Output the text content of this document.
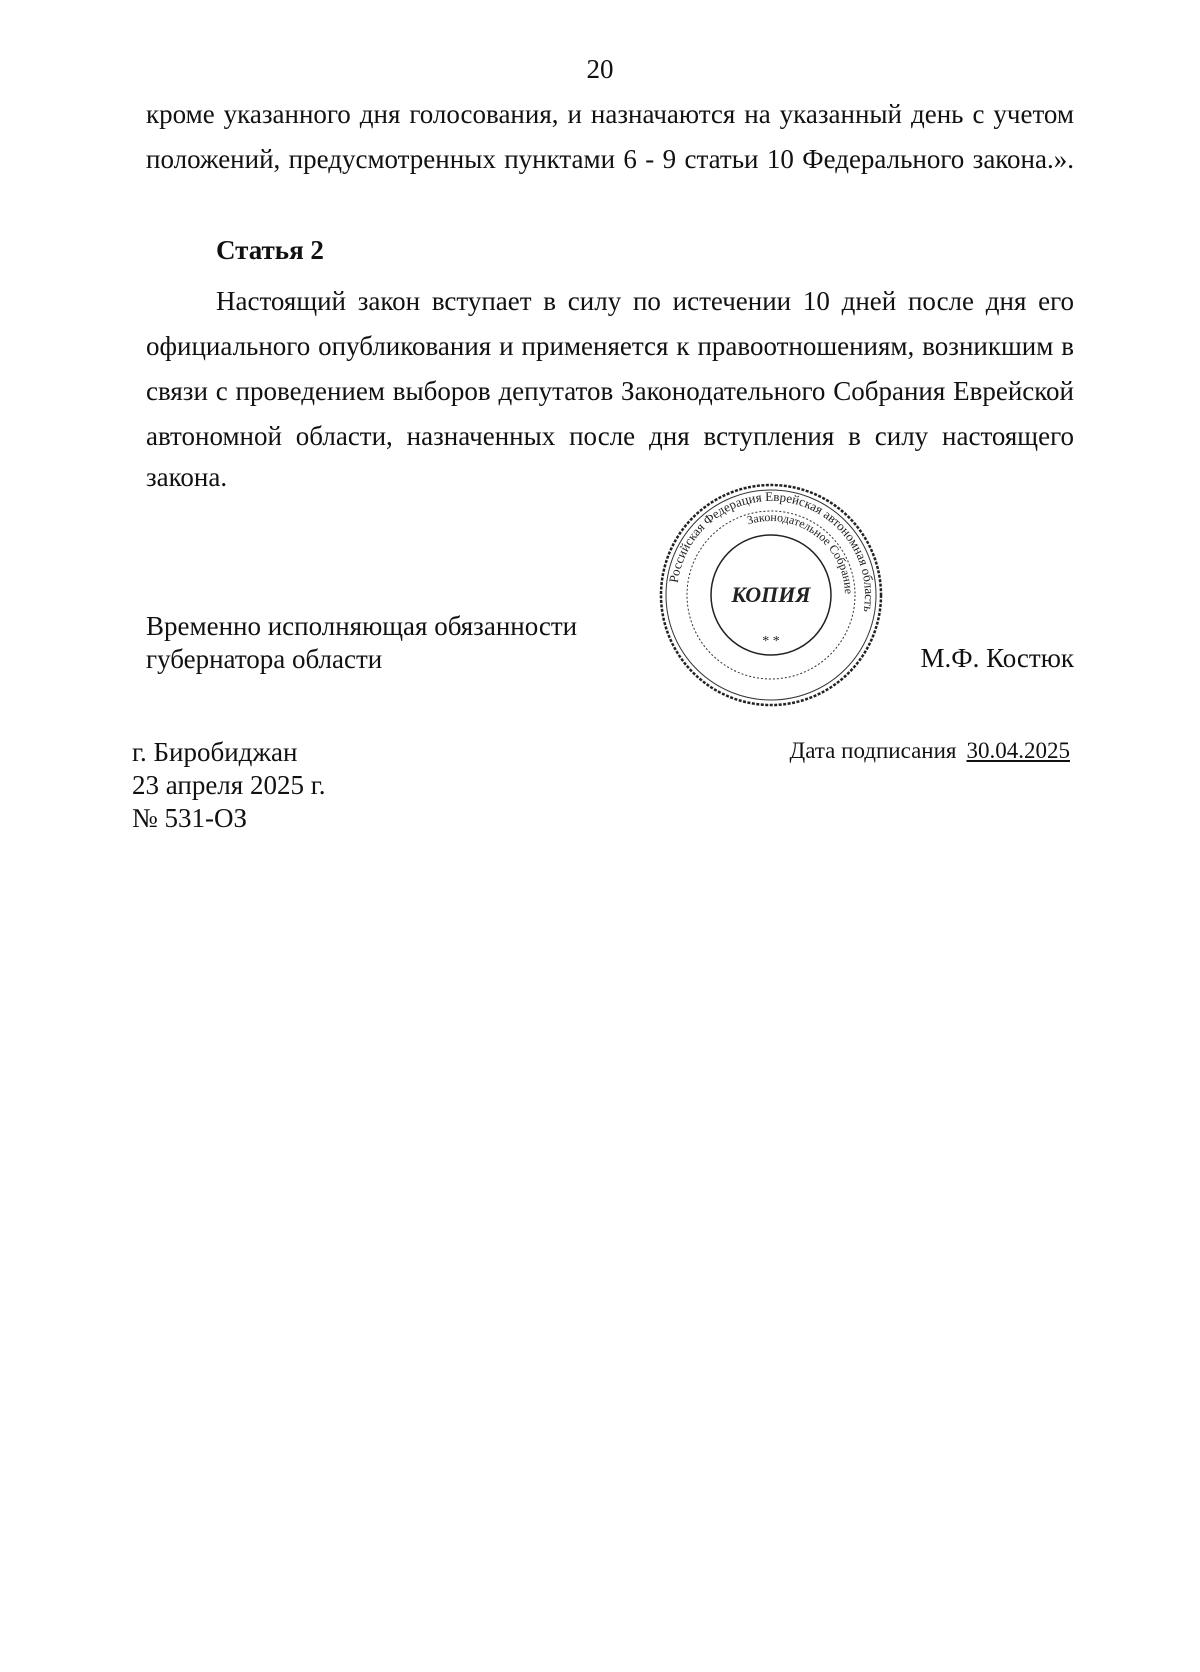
20

кроме указанного дня голосования, и назначаются на указанный день с учетом положений, предусмотренных пунктами 6 - 9 статьи 10 Федерального закона.».

Статья 2

Настоящий закон вступает в силу по истечении 10 дней после дня его официального опубликования и применяется к правоотношениям, возникшим в связи с проведением выборов депутатов Законодательного Собрания Еврейской автономной области, назначенных после дня вступления в силу настоящего

закона.
Временно исполняющая обязанности
губернатора области	М.Ф. Костюк
Российская Федерация Еврейская автономная область
Законодательное Собрание
КОПИЯ
* *
г. Биробиджан
23 апреля 2025 г.
№ 531-ОЗ
Дата подписания 30.04.2025
